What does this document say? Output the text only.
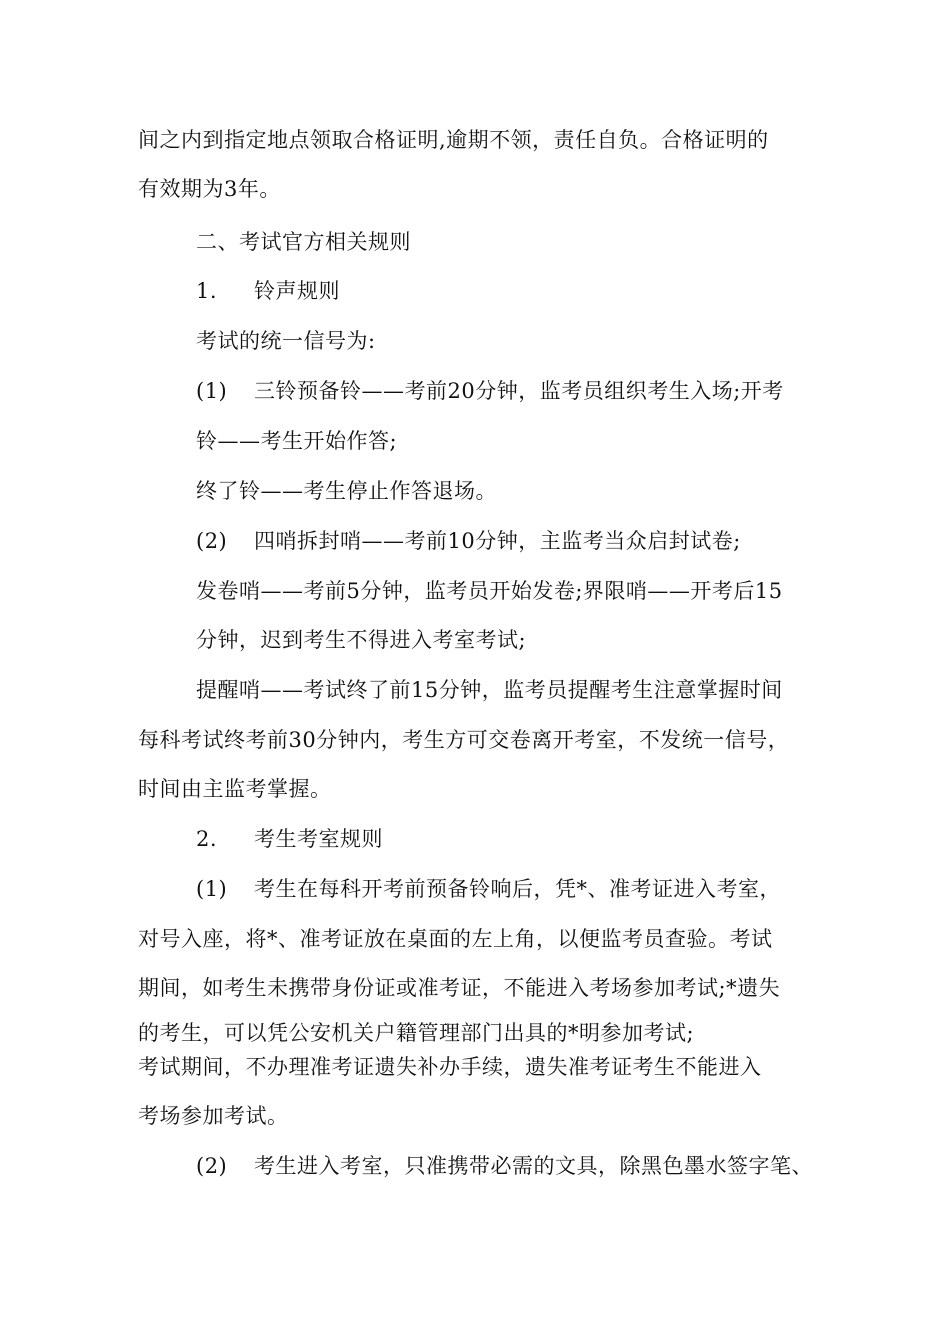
间之内到指定地点领取合格证明,逾期不领，责任自负。合格证明的
有效期为3年。
二、考试官方相关规则
1. 铃声规则
考试的统一信号为:
(1) 三铃预备铃——考前20分钟，监考员组织考生入场;开考
铃——考生开始作答;
终了铃——考生停止作答退场。
(2) 四哨拆封哨——考前10分钟，主监考当众启封试卷;
发卷哨——考前5分钟，监考员开始发卷;界限哨——开考后15
分钟，迟到考生不得进入考室考试;
提醒哨——考试终了前15分钟，监考员提醒考生注意掌握时间
每科考试终考前30分钟内，考生方可交卷离开考室，不发统一信号，
时间由主监考掌握。
2. 考生考室规则
(1) 考生在每科开考前预备铃响后，凭*、准考证进入考室，
对号入座，将*、准考证放在桌面的左上角，以便监考员查验。考试
期间，如考生未携带身份证或准考证，不能进入考场参加考试;*遗失
的考生，可以凭公安机关户籍管理部门出具的*明参加考试;
考试期间，不办理准考证遗失补办手续，遗失准考证考生不能进入
考场参加考试。
(2) 考生进入考室，只准携带必需的文具，除黑色墨水签字笔、
